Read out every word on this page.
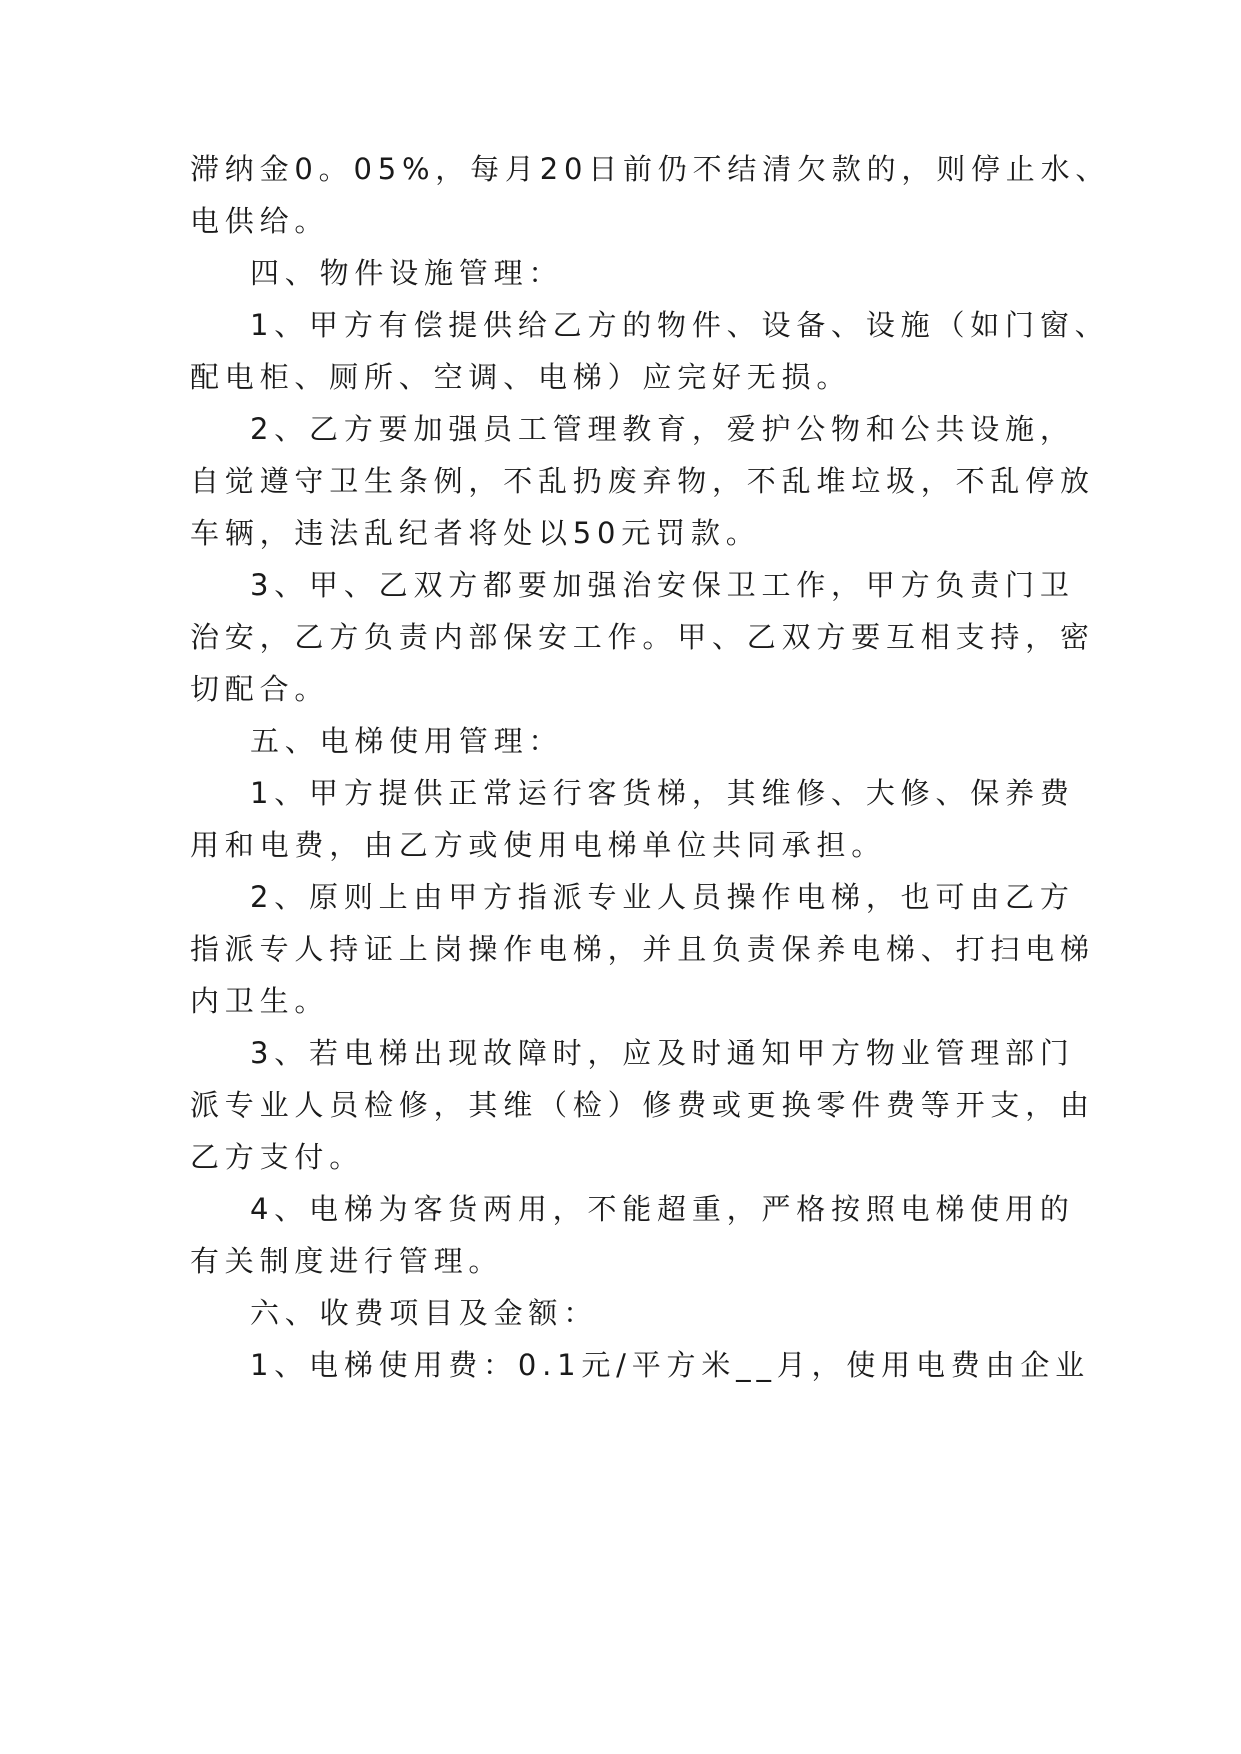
滞纳金0。05%，每月20日前仍不结清欠款的，则停止水、
电供给。
四、物件设施管理：
1、甲方有偿提供给乙方的物件、设备、设施（如门窗、
配电柜、厕所、空调、电梯）应完好无损。
2、乙方要加强员工管理教育，爱护公物和公共设施，
自觉遵守卫生条例，不乱扔废弃物，不乱堆垃圾，不乱停放
车辆，违法乱纪者将处以50元罚款。
3、甲、乙双方都要加强治安保卫工作，甲方负责门卫
治安，乙方负责内部保安工作。甲、乙双方要互相支持，密
切配合。
五、电梯使用管理：
1、甲方提供正常运行客货梯，其维修、大修、保养费
用和电费，由乙方或使用电梯单位共同承担。
2、原则上由甲方指派专业人员操作电梯，也可由乙方
指派专人持证上岗操作电梯，并且负责保养电梯、打扫电梯
内卫生。
3、若电梯出现故障时，应及时通知甲方物业管理部门
派专业人员检修，其维（检）修费或更换零件费等开支，由
乙方支付。
4、电梯为客货两用，不能超重，严格按照电梯使用的
有关制度进行管理。
六、收费项目及金额：
1、电梯使用费：0.1元/平方米__月，使用电费由企业
